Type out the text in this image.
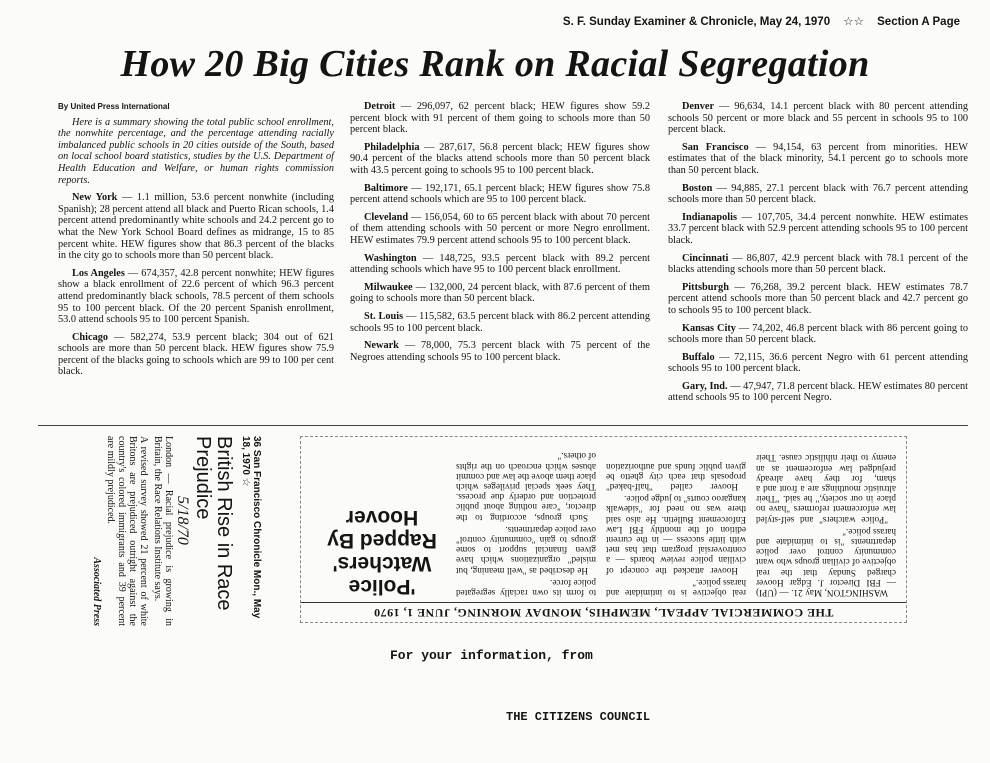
S. F. Sunday Examiner & Chronicle, May 24, 1970 ☆☆ Section A Page
How 20 Big Cities Rank on Racial Segregation

By United Press International

Here is a summary showing the total public school enrollment, the nonwhite percentage, and the percentage attending racially imbalanced public schools in 20 cities outside of the South, based on local school board statistics, studies by the U.S. Department of Health Education and Welfare, or human rights commission reports.

New York — 1.1 million, 53.6 percent nonwhite (including Spanish); 28 percent attend all black and Puerto Rican schools, 1.4 percent attend predominantly white schools and 24.2 percent go to what the New York School Board defines as midrange, 15 to 85 percent white. HEW figures show that 86.3 percent of the blacks in the city go to schools more than 50 percent black.

Los Angeles — 674,357, 42.8 percent nonwhite; HEW figures show a black enrollment of 22.6 percent of which 96.3 percent attend predominantly black schools, 78.5 percent of them schools 95 to 100 percent black. Of the 20 percent Spanish enrollment, 53.0 attend schools 95 to 100 percent Spanish.

Chicago — 582,274, 53.9 percent black; 304 out of 621 schools are more than 50 percent black. HEW figures show 75.9 percent of the blacks going to schools which are 99 to 100 per cent black.

Detroit — 296,097, 62 percent black; HEW figures show 59.2 percent block with 91 percent of them going to schools more than 50 percent black.

Philadelphia — 287,617, 56.8 percent black; HEW figures show 90.4 percent of the blacks attend schools more than 50 percent black with 43.5 percent going to schools 95 to 100 percent black.

Baltimore — 192,171, 65.1 percent black; HEW figures show 75.8 percent attend schools which are 95 to 100 percent black.

Cleveland — 156,054, 60 to 65 percent black with about 70 percent of them attending schools with 50 percent or more Negro enrollment. HEW estimates 79.9 percent attend schools 95 to 100 percent black.

Washington — 148,725, 93.5 percent black with 89.2 percent attending schools which have 95 to 100 percent black enrollment.

Milwaukee — 132,000, 24 percent black, with 87.6 percent of them going to schools more than 50 percent black.

St. Louis — 115,582, 63.5 percent black with 86.2 percent attending schools 95 to 100 percent black.

Newark — 78,000, 75.3 percent black with 75 percent of the Negroes attending schools 95 to 100 percent black.

Denver — 96,634, 14.1 percent black with 80 percent attending schools 50 percent or more black and 55 percent in schools 95 to 100 percent black.

San Francisco — 94,154, 63 percent from minorities. HEW estimates that of the black minority, 54.1 percent go to schools more than 50 percent black.

Boston — 94,885, 27.1 percent black with 76.7 percent attending schools more than 50 percent black.

Indianapolis — 107,705, 34.4 percent nonwhite. HEW estimates 33.7 percent black with 52.9 percent attending schools 95 to 100 percent black.

Cincinnati — 86,807, 42.9 percent black with 78.1 percent of the blacks attending schools more than 50 percent black.

Pittsburgh — 76,268, 39.2 percent black. HEW estimates 78.7 percent attend schools more than 50 percent black and 42.7 percent go to schools 95 to 100 percent black.

Kansas City — 74,202, 46.8 percent black with 86 percent going to schools more than 50 percent black.

Buffalo — 72,115, 36.6 percent Negro with 61 percent attending schools 95 to 100 percent black.

Gary, Ind. — 47,947, 71.8 percent black. HEW estimates 80 percent attend schools 95 to 100 percent Negro.

36 San Francisco Chronicle Mon., May 18, 1970 ☆
British Rise in Race Prejudice
5/18/70

London — Racial prejudice is growing in Britain, the Race Relations Institute says.

A revised survey showed 21 percent of white Britons are prejudiced outright against the country's colored immigrants and 39 percent are mildly prejudiced.

Associated Press	THE COMMERCIAL APPEAL, MEMPHIS, MONDAY MORNING, JUNE 1, 1970
'Police Watchers' Rapped By Hoover

WASHINGTON, May 21. — (UPI) — FBI Director J. Edgar Hoover charged Sunday that the real objective of civilian groups who want community control over police departments "is to intimidate and harass police."

"Police watchers" and self-styled law enforcement reformers "have no place in our society," he said. "Their altruistic mouthings are a front and a sham, for they have already prejudged law enforcement as an enemy to their nihilistic cause. Their real objective is to intimidate and harass police."

Hoover attacked the concept of civilian police review boards — a controversial program that has met with little success — in the current edition of the monthly FBI Law Enforcement Bulletin. He also said there was no need for "sidewalk kangaroo courts" to judge police.

Hoover called "half-baked" proposals that each city ghetto be given public funds and authorization to form its own racially segregated police force.

He described as "well meaning, but misled" organizations which have given financial support to some groups to gain "community control" over police departments.

Such groups, according to the director, "care nothing about public protection and orderly due process. They seek special privileges which place them above the law and commit abuses which encroach on the rights of others."

For your information, from
THE CITIZENS COUNCIL
